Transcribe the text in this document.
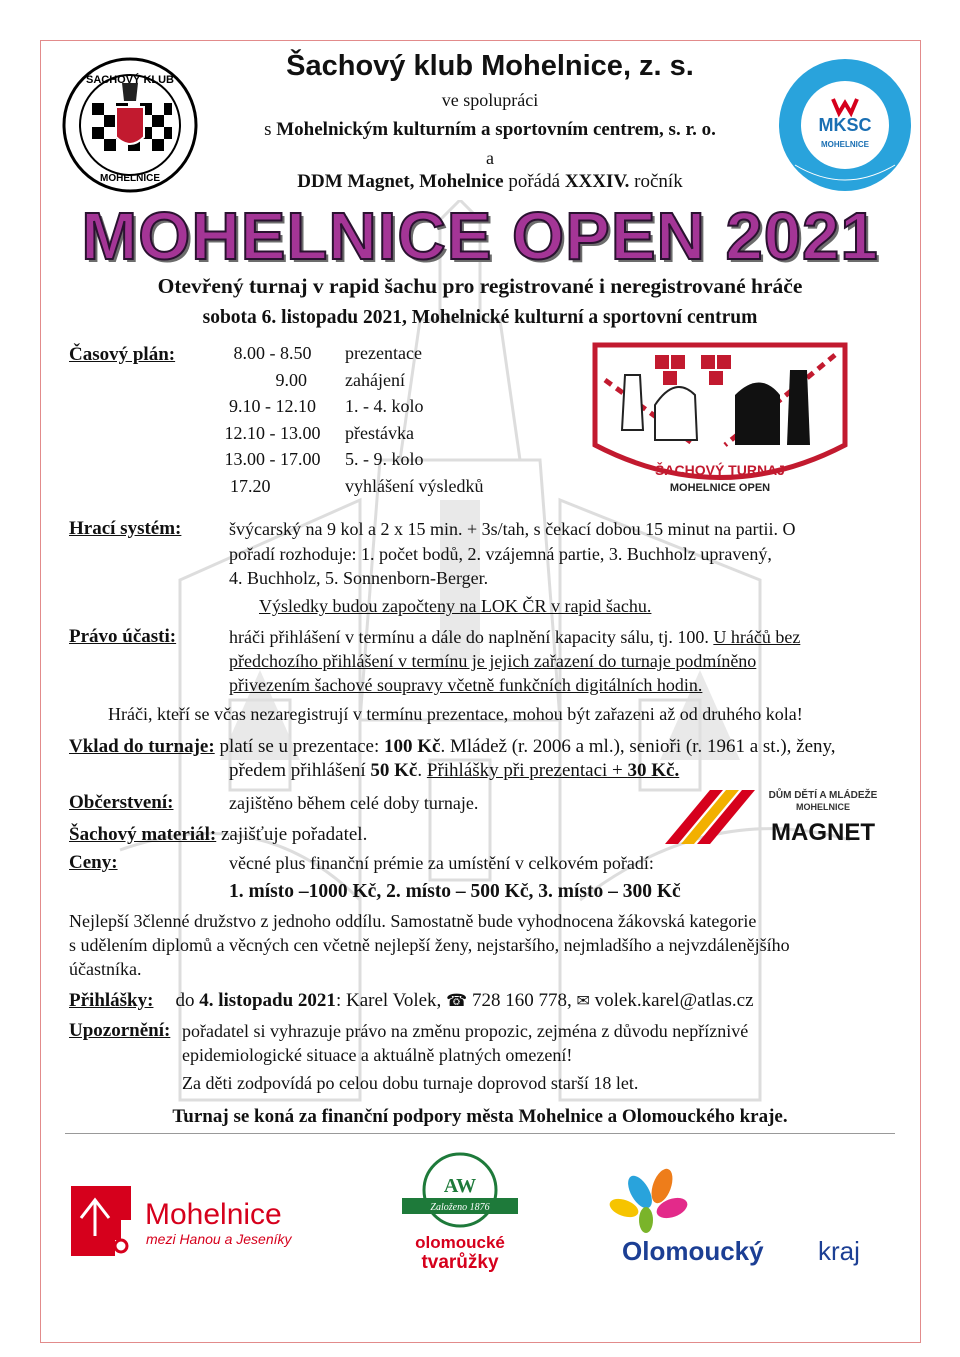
ŠACHOVÝ KLUB
MOHELNICE
MKSC
MOHELNICE
Šachový klub Mohelnice, z. s.
ve spolupráci
s Mohelnickým kulturním a sportovním centrem, s. r. o.
a
DDM Magnet, Mohelnice pořádá XXXIV. ročník
MOHELNICE OPEN 2021
Otevřený turnaj v rapid šachu pro registrované i neregistrované hráče
sobota 6. listopadu 2021, Mohelnické kulturní a sportovní centrum
Časový plán:	8.00 - 8.50	prezentace
9.00	zahájení
9.10 - 12.10	1. - 4. kolo
12.10 - 13.00	přestávka
13.00 - 17.00	5. - 9. kolo
17.20	vyhlášení výsledků
ŠACHOVÝ TURNAJ
MOHELNICE OPEN
Hrací systém:	švýcarský na 9 kol a 2 x 15 min. + 3s/tah, s čekací dobou 15 minut na partii. O
pořadí rozhoduje: 1. počet bodů, 2. vzájemná partie, 3. Buchholz upravený,
4. Buchholz, 5. Sonnenborn-Berger.
Výsledky budou započteny na LOK ČR v rapid šachu.
Právo účasti:	hráči přihlášení v termínu a dále do naplnění kapacity sálu, tj. 100. U hráčů bez
předchozího přihlášení v termínu je jejich zařazení do turnaje podmíněno
přivezením šachové soupravy včetně funkčních digitálních hodin.
Hráči, kteří se včas nezaregistrují v termínu prezentace, mohou být zařazeni až od druhého kola!
Vklad do turnaje: platí se u prezentace: 100 Kč. Mládež (r. 2006 a ml.), senioři (r. 1961 a st.), ženy,
předem přihlášení 50 Kč. Přihlášky při prezentaci + 30 Kč.
Občerstvení:	zajištěno během celé doby turnaje.	DŮM DĚTÍ A MLÁDEŽE
MOHELNICE
MAGNET
Šachový materiál: zajišťuje pořadatel.
Ceny:	věcné plus finanční prémie za umístění v celkovém pořadí:
1. místo –1000 Kč, 2. místo – 500 Kč, 3. místo – 300 Kč
Nejlepší 3členné družstvo z jednoho oddílu. Samostatně bude vyhodnocena žákovská kategorie
s udělením diplomů a věcných cen včetně nejlepší ženy, nejstaršího, nejmladšího a nejvzdálenějšího
účastníka.
Přihlášky: do 4. listopadu 2021: Karel Volek, ☎ 728 160 778, ✉ volek.karel@atlas.cz
Upozornění: pořadatel si vyhrazuje právo na změnu propozic, zejména z důvodu nepříznivé
epidemiologické situace a aktuálně platných omezení!
Za děti zodpovídá po celou dobu turnaje doprovod starší 18 let.
Turnaj se koná za finanční podpory města Mohelnice a Olomouckého kraje.
Mohelnice
mezi Hanou a Jeseníky
AW
Založeno 1876
olomoucké
tvarůžky	Olomoucký kraj
